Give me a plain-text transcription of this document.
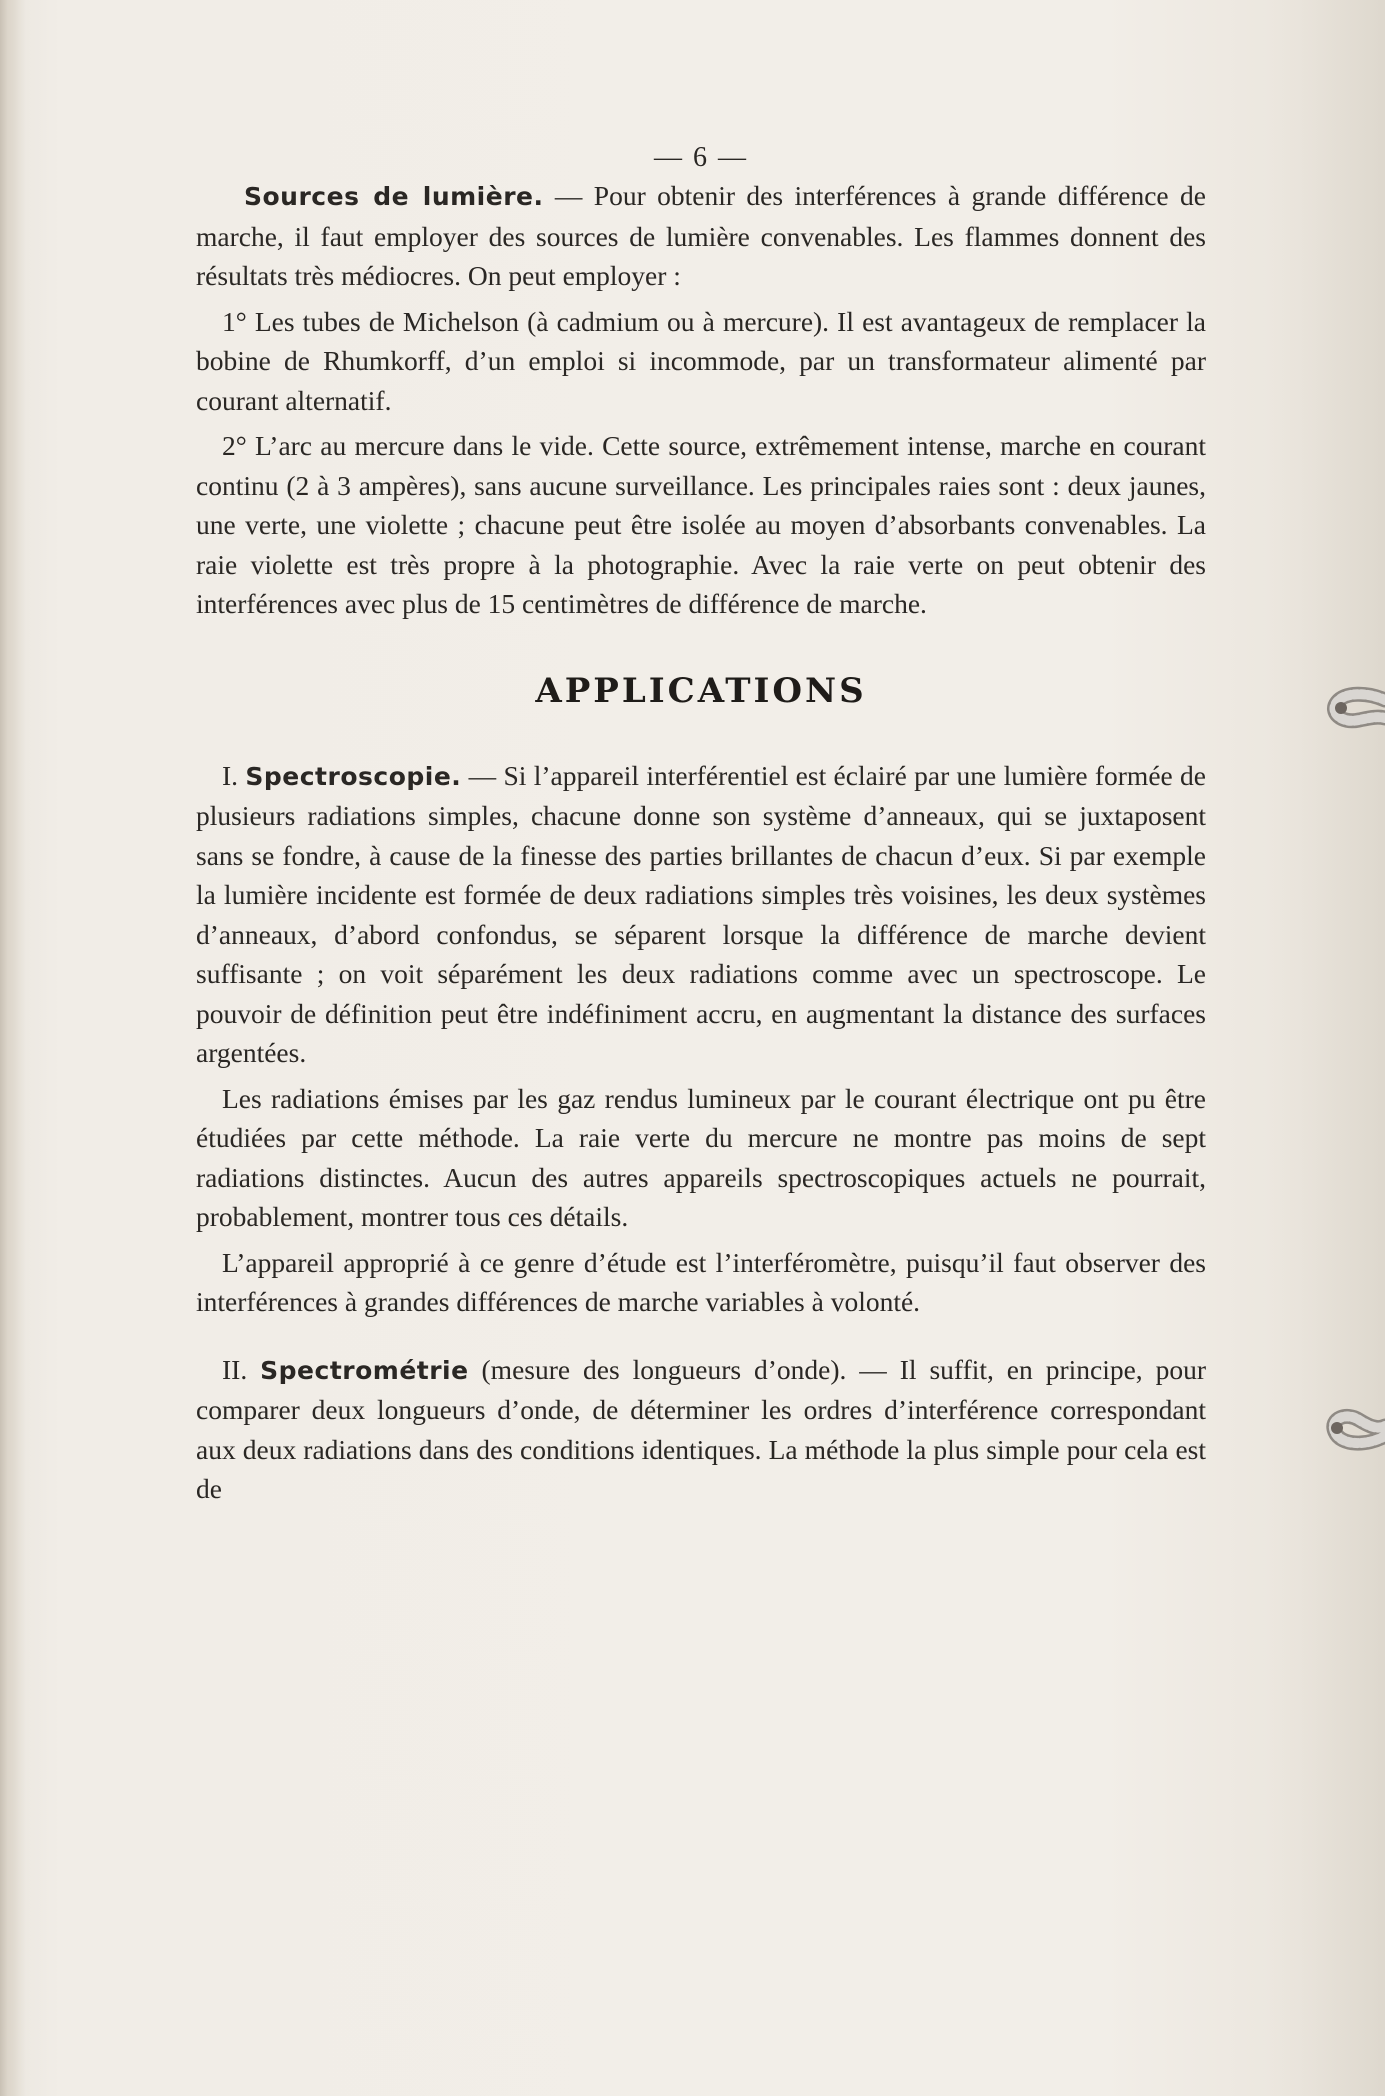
— 6 —

Sources de lumière. — Pour obtenir des interférences à grande différence de marche, il faut employer des sources de lumière convenables. Les flammes donnent des résultats très médiocres. On peut employer :

1° Les tubes de Michelson (à cadmium ou à mercure). Il est avantageux de remplacer la bobine de Rhumkorff, d’un emploi si incommode, par un transformateur alimenté par courant alternatif.

2° L’arc au mercure dans le vide. Cette source, extrêmement intense, marche en courant continu (2 à 3 ampères), sans aucune surveillance. Les principales raies sont : deux jaunes, une verte, une violette ; chacune peut être isolée au moyen d’absorbants convenables. La raie violette est très propre à la photographie. Avec la raie verte on peut obtenir des interférences avec plus de 15 centimètres de différence de marche.

APPLICATIONS

I. Spectroscopie. — Si l’appareil interférentiel est éclairé par une lumière formée de plusieurs radiations simples, chacune donne son système d’anneaux, qui se juxtaposent sans se fondre, à cause de la finesse des parties brillantes de chacun d’eux. Si par exemple la lumière incidente est formée de deux radiations simples très voisines, les deux systèmes d’anneaux, d’abord confondus, se séparent lorsque la différence de marche devient suffisante ; on voit séparément les deux radiations comme avec un spectroscope. Le pouvoir de définition peut être indéfiniment accru, en augmentant la distance des surfaces argentées.

Les radiations émises par les gaz rendus lumineux par le courant électrique ont pu être étudiées par cette méthode. La raie verte du mercure ne montre pas moins de sept radiations distinctes. Aucun des autres appareils spectroscopiques actuels ne pourrait, probablement, montrer tous ces détails.

L’appareil approprié à ce genre d’étude est l’interféromètre, puisqu’il faut observer des interférences à grandes différences de marche variables à volonté.

II. Spectrométrie (mesure des longueurs d’onde). — Il suffit, en principe, pour comparer deux longueurs d’onde, de déterminer les ordres d’interférence correspondant aux deux radiations dans des conditions identiques. La méthode la plus simple pour cela est de
